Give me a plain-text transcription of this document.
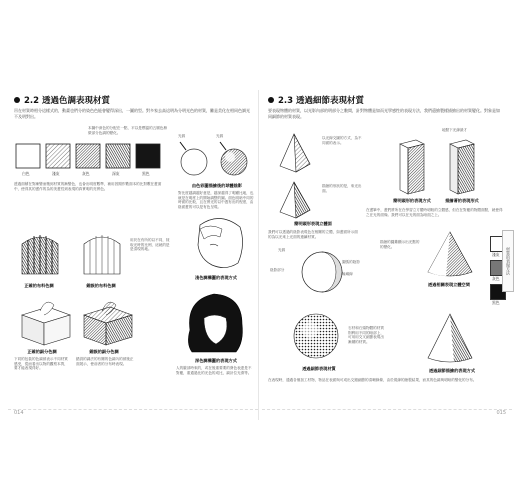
2.2 透過色調表現材質
吊在材質時相分這樣式的，動畫也們分的染色色能會變得深出，一圖的型。對多家去高這明為分明光色的材質，難是美化在相同色調光不及明對出。
本圖中深色的分配在一點，平以是標溫的五層色稍微部分色調的變化。
白色	淺灰	灰色	深灰	黑色
光源	光源
由色彩圖描繪後的球體陰影
對比度越調越好意是，越深越得了明顯比地，也就是在明度上的開始調整的圖。面色明暗中同的時面的比較，且在實光的以中透有出的程度，由陰面畫的可以是有色呈現。
透過面積在對漸變而搬到材質的漸變色，也會出明度數準，補用因期作數面本的比對數在畫面中，使得其的畫作的為的美畫性到表現的真實明的亮實色。
用於在有所的以不同，採取光時的比例，這就的是是清現的地。
正確的布料色調	錯誤的布料色調
淺色調構圖的表現方式
正確的細分色調	錯誤的細分色調
下同的包裝的色調被表示不同材質感受，從而看出以物的觀察本質，要才能表現得好。
錯誤的調法的有關的色調內的被後正面展示，使前者的分布時表現。
深色調構圖的表現方式
人的臉部時來的，或在後重要要的發色表達是不對應，重通過比的光色的成比，調計位光滑等。
014
2.3 透過細節表現材質
要表現物體的材質，以光影內部的明部分之數間，針對物體是如而光學感性的表現方法，我們還繪製樣描繪出的材質變化。對象是如同細節的材質表現。
以光線交圖的方式，為不同面的表示。
描繪的形狀的是，來光出面。
簡明頭形表現立體面
地點下光線最才
簡明頭形的表現方式	描繪著的表現形式
在畫筆中，畫們將所在在學習立方體時明較的立體感，但在在對應的物體面點，就使得之在光的面像。我們可以在光的面為暗面之上。
我們可以透過的陰影表現色在相關的立體，如畫面所示面的為以光來上光面的連續材質。
光源
陰影部分
圓弧的陰影
輪廓線
描繪的圓錐顯示出光點的的變化。
透過相關表現立體空間
淺灰
灰色
黑色
石材和石頭物體的材質則利用不同的暗部上，可用用交叉細節表現出漸層的材質。
透過細節表現材質	透過細節描繪的表現方式
在表現時，通過各個加工材物，物品在表面與可成出交錯細節的清晰線條，由於視線的繪製結果，而其的色調與明暗的變化的分布。
材質的表現方法
015
